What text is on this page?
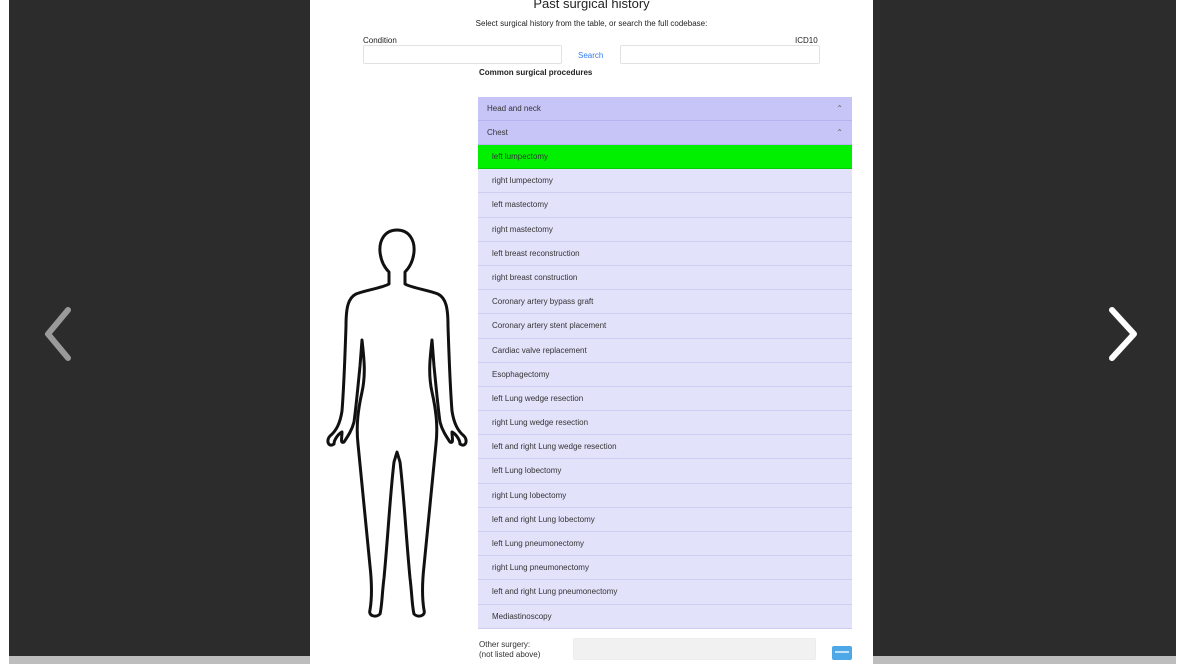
Past surgical history
Select surgical history from the table, or search the full codebase:
Condition	ICD10
Search
Common surgical procedures
Head and neck	⌃
Chest	⌃
left lumpectomy
right lumpectomy
left mastectomy
right mastectomy
left breast reconstruction
right breast construction
Coronary artery bypass graft
Coronary artery stent placement
Cardiac valve replacement
Esophagectomy
left Lung wedge resection
right Lung wedge resection
left and right Lung wedge resection
left Lung lobectomy
right Lung lobectomy
left and right Lung lobectomy
left Lung pneumonectomy
right Lung pneumonectomy
left and right Lung pneumonectomy
Mediastinoscopy
Other surgery:
(not listed above)
